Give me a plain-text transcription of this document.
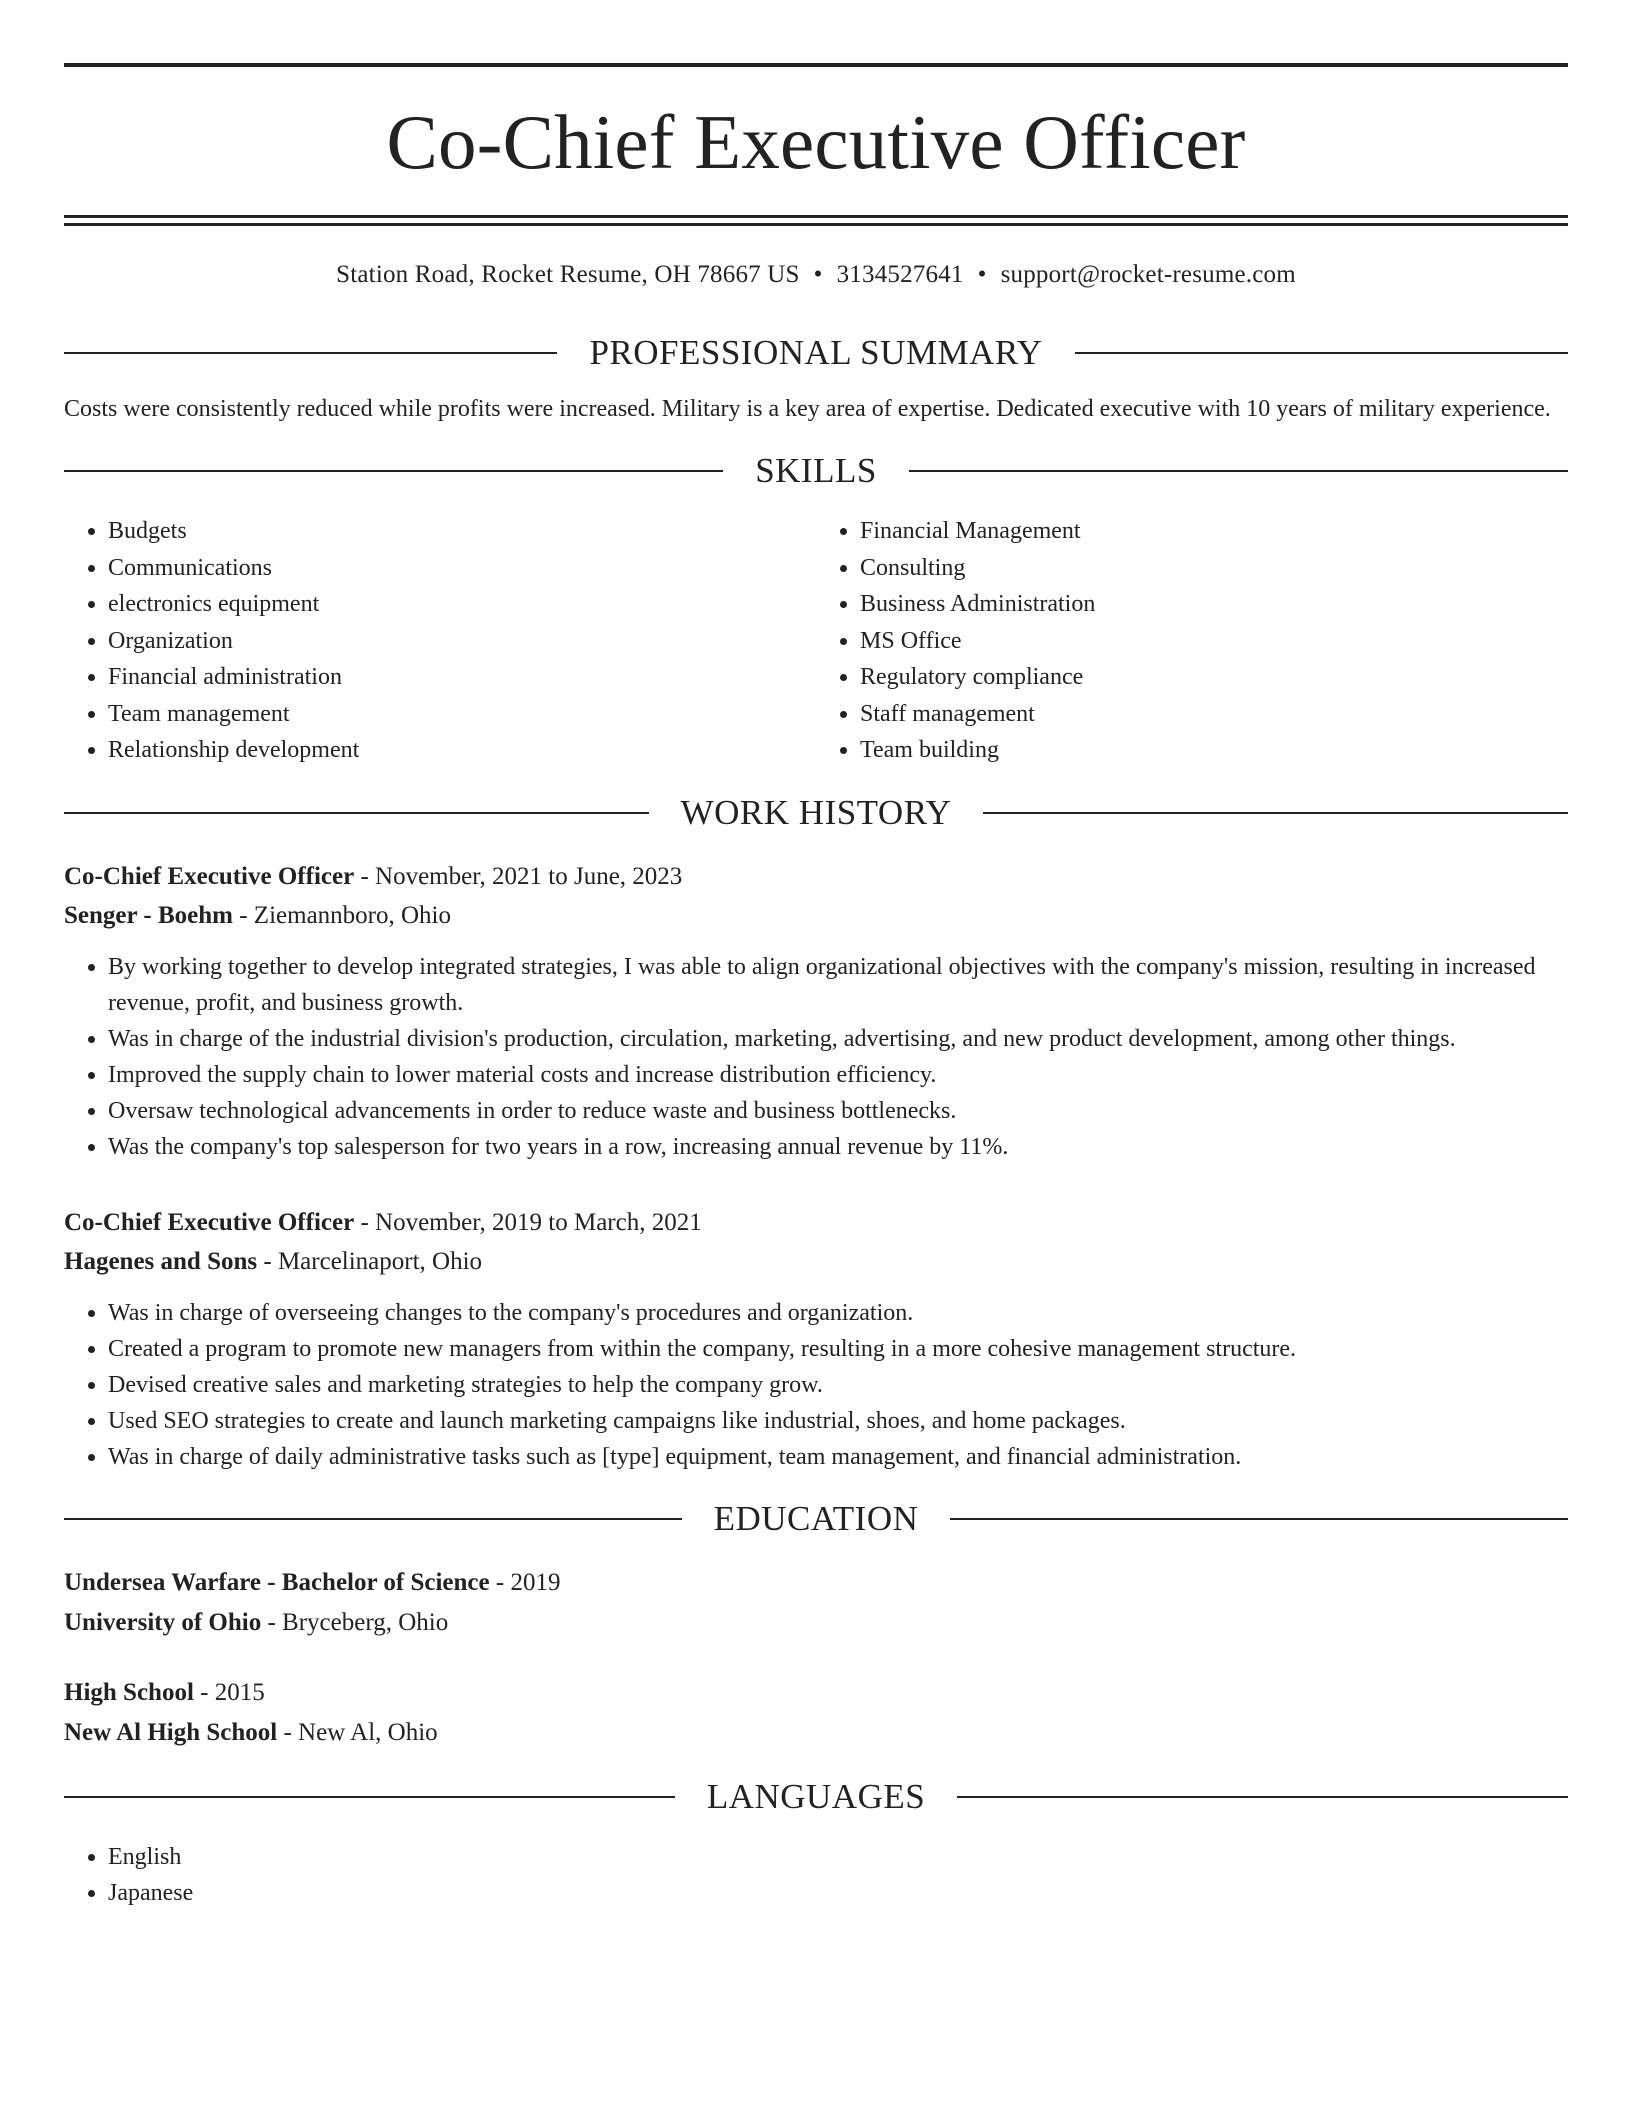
Co-Chief Executive Officer
Station Road, Rocket Resume, OH 78667 US • 3134527641 • support@rocket-resume.com
PROFESSIONAL SUMMARY

Costs were consistently reduced while profits were increased. Military is a key area of expertise. Dedicated executive with 10 years of military experience.

SKILLS
• Budgets
• Communications
• electronics equipment
• Organization
• Financial administration
• Team management
• Relationship development
• Financial Management
• Consulting
• Business Administration
• MS Office
• Regulatory compliance
• Staff management
• Team building
WORK HISTORY
Co-Chief Executive Officer - November, 2021 to June, 2023
Senger - Boehm - Ziemannboro, Ohio
• By working together to develop integrated strategies, I was able to align organizational objectives with the company's mission, resulting in increased revenue, profit, and business growth.
• Was in charge of the industrial division's production, circulation, marketing, advertising, and new product development, among other things.
• Improved the supply chain to lower material costs and increase distribution efficiency.
• Oversaw technological advancements in order to reduce waste and business bottlenecks.
• Was the company's top salesperson for two years in a row, increasing annual revenue by 11%.
Co-Chief Executive Officer - November, 2019 to March, 2021
Hagenes and Sons - Marcelinaport, Ohio
• Was in charge of overseeing changes to the company's procedures and organization.
• Created a program to promote new managers from within the company, resulting in a more cohesive management structure.
• Devised creative sales and marketing strategies to help the company grow.
• Used SEO strategies to create and launch marketing campaigns like industrial, shoes, and home packages.
• Was in charge of daily administrative tasks such as [type] equipment, team management, and financial administration.
EDUCATION
Undersea Warfare - Bachelor of Science - 2019
University of Ohio - Bryceberg, Ohio
High School - 2015
New Al High School - New Al, Ohio
LANGUAGES
• English
• Japanese
